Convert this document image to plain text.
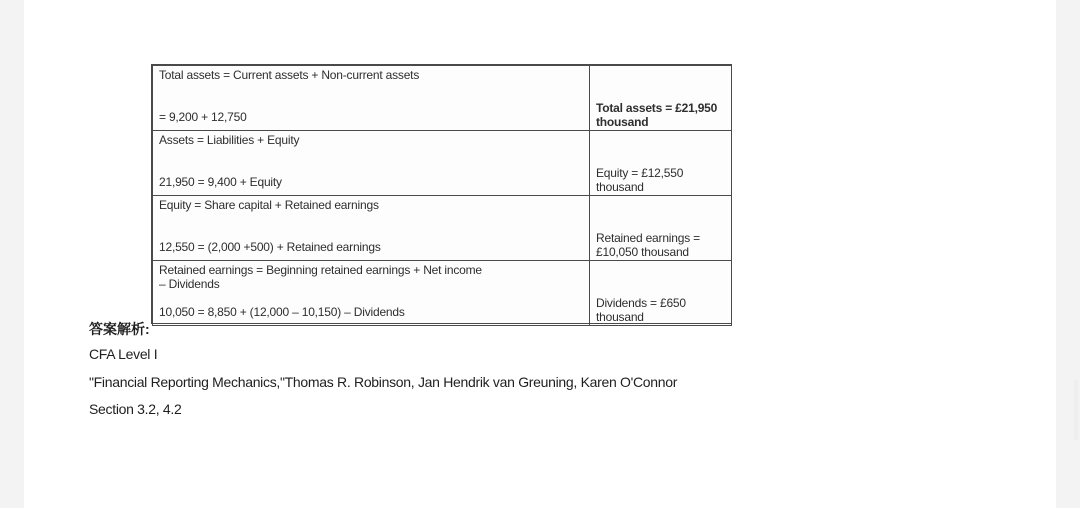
Total assets = Current assets + Non-current assets
= 9,200 + 12,750	Total assets = £21,950 thousand

Assets = Liabilities + Equity
21,950 = 9,400 + Equity	Equity = £12,550 thousand

Equity = Share capital + Retained earnings
12,550 = (2,000 +500) + Retained earnings	Retained earnings = £10,050 thousand

Retained earnings = Beginning retained earnings + Net income
– Dividends
10,050 = 8,850 + (12,000 – 10,150) – Dividends	Dividends = £650 thousand
答案解析:
CFA Level I
"Financial Reporting Mechanics,"Thomas R. Robinson, Jan Hendrik van Greuning, Karen O'Connor
Section 3.2, 4.2
